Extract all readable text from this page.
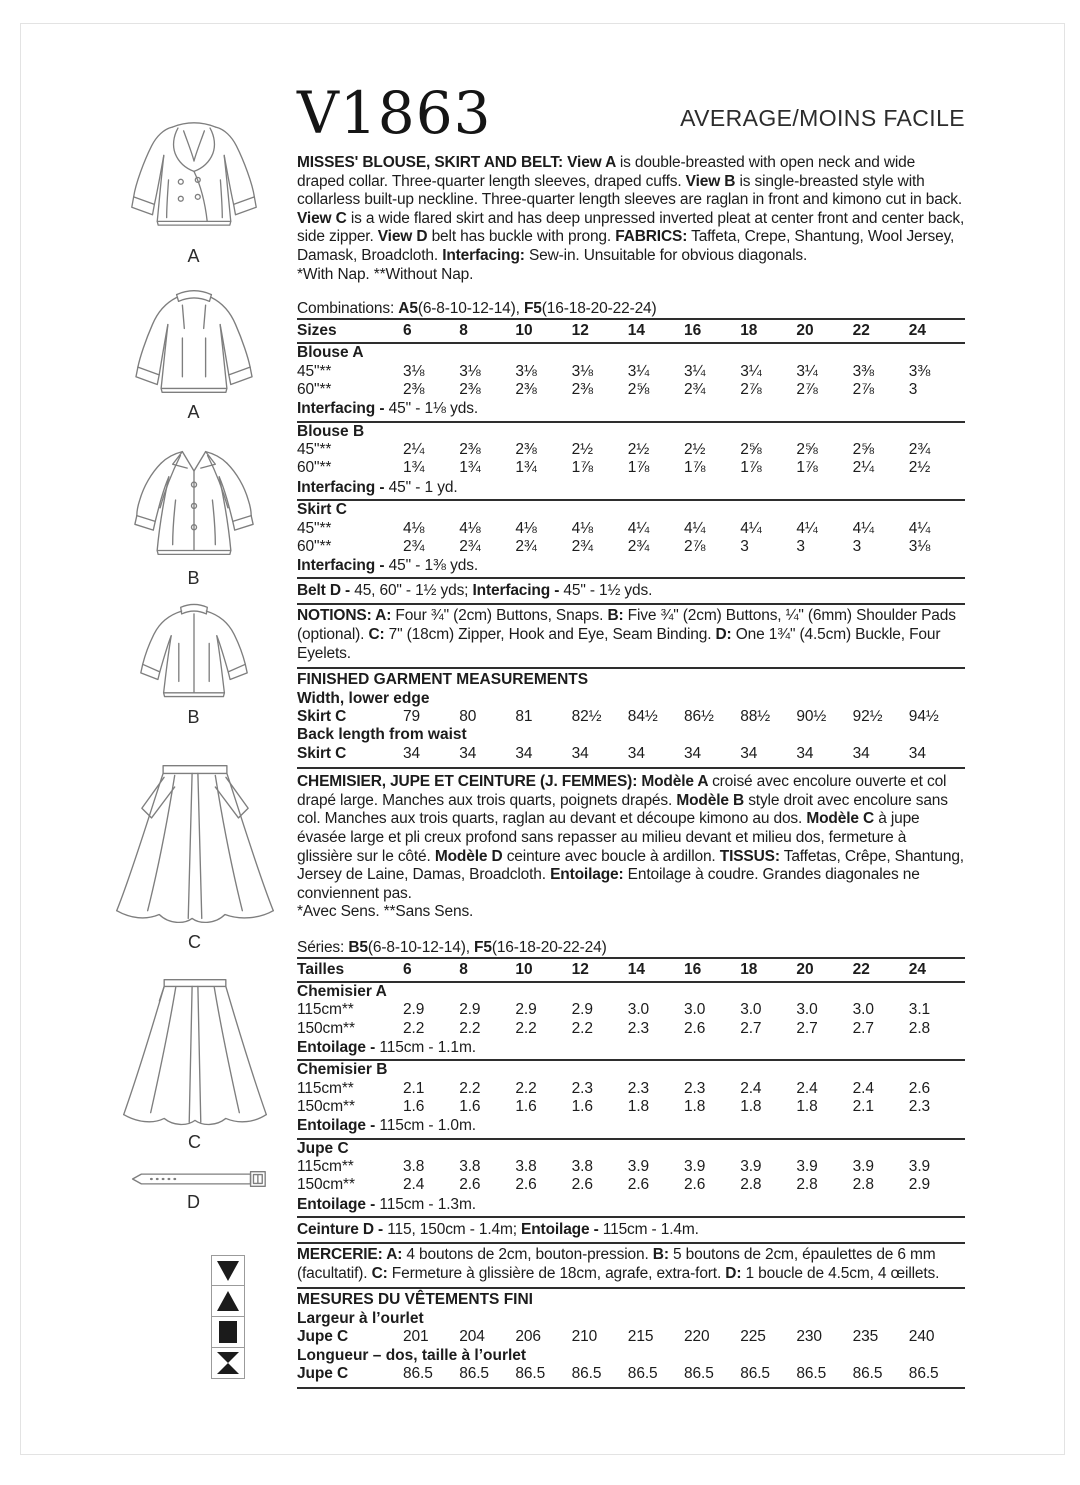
A
A
B
B
C
C
D
V1863	AVERAGE/MOINS FACILE
MISSES' BLOUSE, SKIRT AND BELT: View A is double-breasted with open neck and wide draped collar. Three-quarter length sleeves, draped cuffs. View B is single-breasted style with collarless built-up neckline. Three-quarter length sleeves are raglan in front and kimono cut in back. View C is a wide flared skirt and has deep unpressed inverted pleat at center front and center back, side zipper. View D belt has buckle with prong. FABRICS: Taffeta, Crepe, Shantung, Wool Jersey, Damask, Broadcloth. Interfacing: Sew-in. Unsuitable for obvious diagonals.
*With Nap. **Without Nap.
Combinations: A5(6-8-10-12-14), F5(16-18-20-22-24)
Sizes	6	8	10	12	14	16	18	20	22	24
Blouse A
45"**	3⅛	3⅛	3⅛	3⅛	3¼	3¼	3¼	3¼	3⅜	3⅜
60"**	2⅜	2⅜	2⅜	2⅜	2⅝	2¾	2⅞	2⅞	2⅞	3
Interfacing - 45" - 1⅛ yds.
Blouse B
45"**	2¼	2⅜	2⅜	2½	2½	2½	2⅝	2⅝	2⅝	2¾
60"**	1¾	1¾	1¾	1⅞	1⅞	1⅞	1⅞	1⅞	2¼	2½
Interfacing - 45" - 1 yd.
Skirt C
45"**	4⅛	4⅛	4⅛	4⅛	4¼	4¼	4¼	4¼	4¼	4¼
60"**	2¾	2¾	2¾	2¾	2¾	2⅞	3	3	3	3⅛
Interfacing - 45" - 1⅜ yds.
Belt D - 45, 60" - 1½ yds; Interfacing - 45" - 1½ yds.
NOTIONS: A: Four ¾" (2cm) Buttons, Snaps. B: Five ¾" (2cm) Buttons, ¼" (6mm) Shoulder Pads (optional). C: 7" (18cm) Zipper, Hook and Eye, Seam Binding. D: One 1¾" (4.5cm) Buckle, Four Eyelets.
FINISHED GARMENT MEASUREMENTS
Width, lower edge
Skirt C	79	80	81	82½	84½	86½	88½	90½	92½	94½
Back length from waist
Skirt C	34	34	34	34	34	34	34	34	34	34
CHEMISIER, JUPE ET CEINTURE (J. FEMMES): Modèle A croisé avec encolure ouverte et col drapé large. Manches aux trois quarts, poignets drapés. Modèle B style droit avec encolure sans col. Manches aux trois quarts, raglan au devant et découpe kimono au dos. Modèle C à jupe évasée large et pli creux profond sans repasser au milieu devant et milieu dos, fermeture à glissière sur le côté. Modèle D ceinture avec boucle à ardillon. TISSUS: Taffetas, Crêpe, Shantung, Jersey de Laine, Damas, Broadcloth. Entoilage: Entoilage à coudre. Grandes diagonales ne conviennent pas.
*Avec Sens. **Sans Sens.
Séries: B5(6-8-10-12-14), F5(16-18-20-22-24)
Tailles	6	8	10	12	14	16	18	20	22	24
Chemisier A
115cm**	2.9	2.9	2.9	2.9	3.0	3.0	3.0	3.0	3.0	3.1
150cm**	2.2	2.2	2.2	2.2	2.3	2.6	2.7	2.7	2.7	2.8
Entoilage - 115cm - 1.1m.
Chemisier B
115cm**	2.1	2.2	2.2	2.3	2.3	2.3	2.4	2.4	2.4	2.6
150cm**	1.6	1.6	1.6	1.6	1.8	1.8	1.8	1.8	2.1	2.3
Entoilage - 115cm - 1.0m.
Jupe C
115cm**	3.8	3.8	3.8	3.8	3.9	3.9	3.9	3.9	3.9	3.9
150cm**	2.4	2.6	2.6	2.6	2.6	2.6	2.8	2.8	2.8	2.9
Entoilage - 115cm - 1.3m.
Ceinture D - 115, 150cm - 1.4m; Entoilage - 115cm - 1.4m.
MERCERIE: A: 4 boutons de 2cm, bouton-pression. B: 5 boutons de 2cm, épaulettes de 6 mm (facultatif). C: Fermeture à glissière de 18cm, agrafe, extra-fort. D: 1 boucle de 4.5cm, 4 œillets.
MESURES DU VÊTEMENTS FINI
Largeur à l’ourlet
Jupe C	201	204	206	210	215	220	225	230	235	240
Longueur – dos, taille à l’ourlet
Jupe C	86.5	86.5	86.5	86.5	86.5	86.5	86.5	86.5	86.5	86.5
